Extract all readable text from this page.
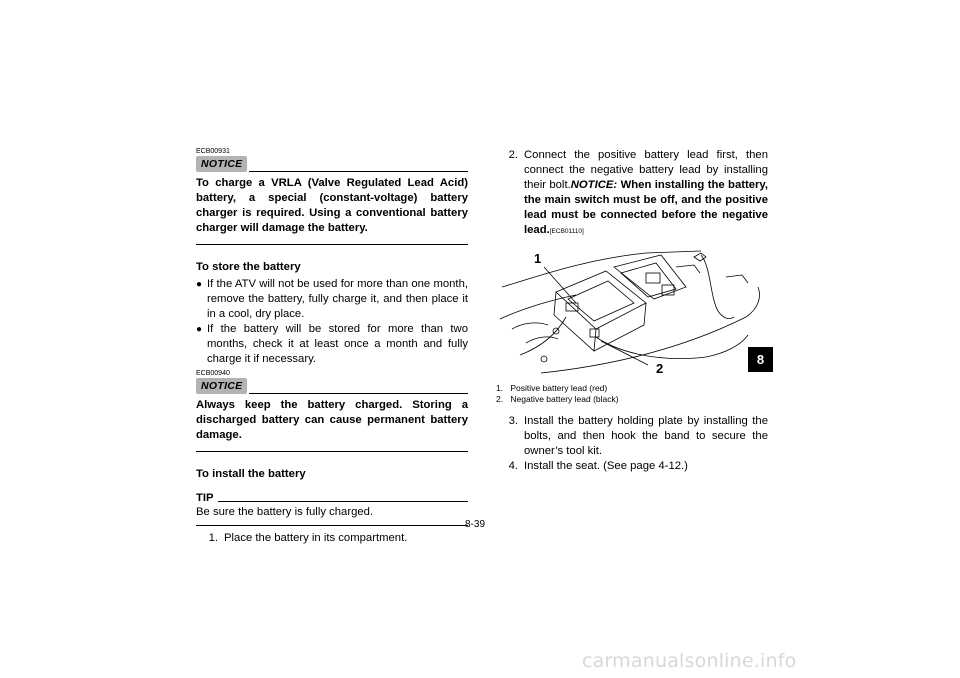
ECB00931
NOTICE

To charge a VRLA (Valve Regulated Lead Acid) battery, a special (constant-voltage) battery charger is required. Using a conventional battery charger will damage the battery.

To store the battery
● If the ATV will not be used for more than one month, remove the battery, fully charge it, and then place it in a cool, dry place.
● If the battery will be stored for more than two months, check it at least once a month and fully charge it if necessary.
ECB00940
NOTICE

Always keep the battery charged. Storing a discharged battery can cause permanent battery damage.

To install the battery
TIP

Be sure the battery is fully charged.

1. Place the battery in its compartment.
2. Connect the positive battery lead first, then connect the negative battery lead by installing their bolt.NOTICE: When installing the battery, the main switch must be off, and the positive lead must be connected before the negative lead.[ECB01110]
1
2
1. Positive battery lead (red)
2. Negative battery lead (black)
3. Install the battery holding plate by installing the bolts, and then hook the band to secure the owner’s tool kit.
4. Install the seat. (See page 4-12.)
8
8-39
carmanualsonline.info
